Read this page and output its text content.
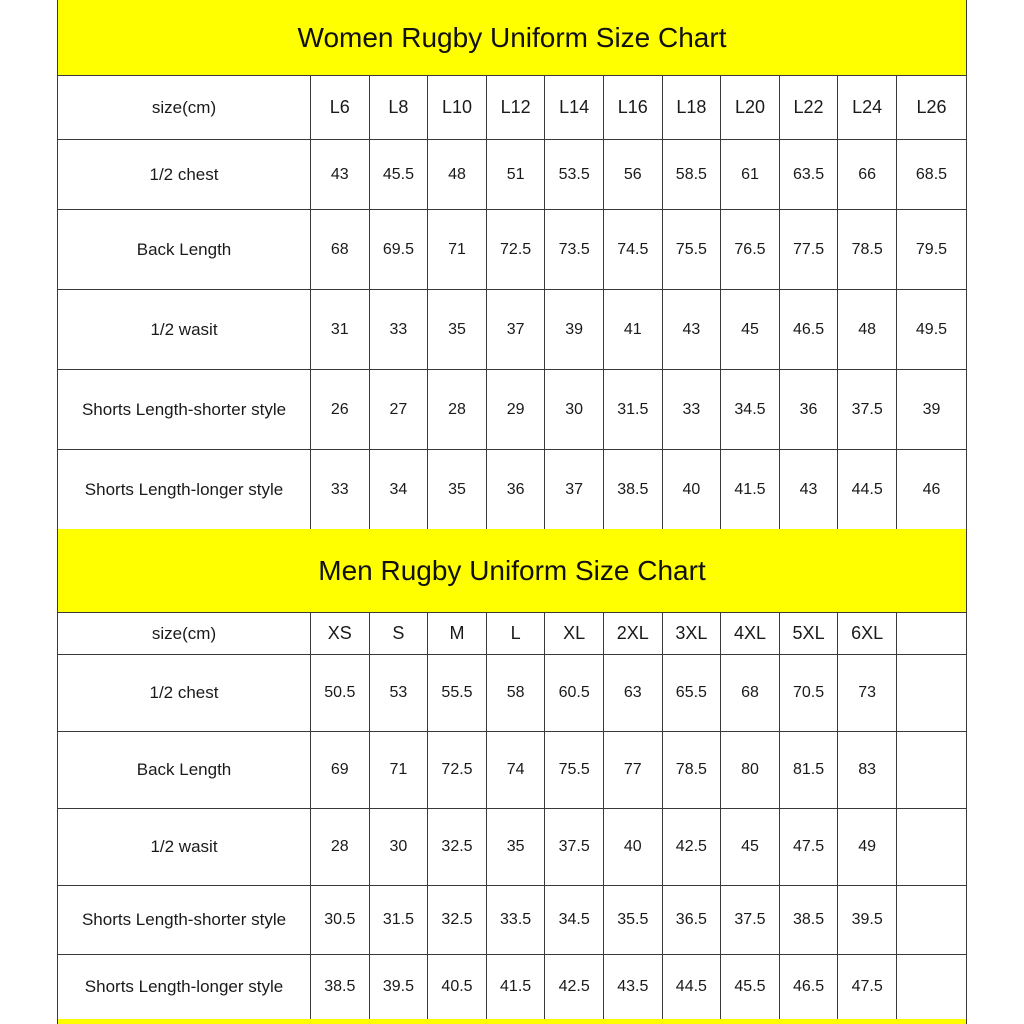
Women Rugby Uniform Size Chart
size(cm)	L6	L8	L10	L12	L14	L16	L18	L20	L22	L24	L26
1/2 chest	43	45.5	48	51	53.5	56	58.5	61	63.5	66	68.5
Back Length	68	69.5	71	72.5	73.5	74.5	75.5	76.5	77.5	78.5	79.5
1/2 wasit	31	33	35	37	39	41	43	45	46.5	48	49.5
Shorts Length-shorter style	26	27	28	29	30	31.5	33	34.5	36	37.5	39
Shorts Length-longer style	33	34	35	36	37	38.5	40	41.5	43	44.5	46
Men Rugby Uniform Size Chart
size(cm)	XS	S	M	L	XL	2XL	3XL	4XL	5XL	6XL	
1/2 chest	50.5	53	55.5	58	60.5	63	65.5	68	70.5	73	
Back Length	69	71	72.5	74	75.5	77	78.5	80	81.5	83	
1/2 wasit	28	30	32.5	35	37.5	40	42.5	45	47.5	49	
Shorts Length-shorter style	30.5	31.5	32.5	33.5	34.5	35.5	36.5	37.5	38.5	39.5	
Shorts Length-longer style	38.5	39.5	40.5	41.5	42.5	43.5	44.5	45.5	46.5	47.5	
